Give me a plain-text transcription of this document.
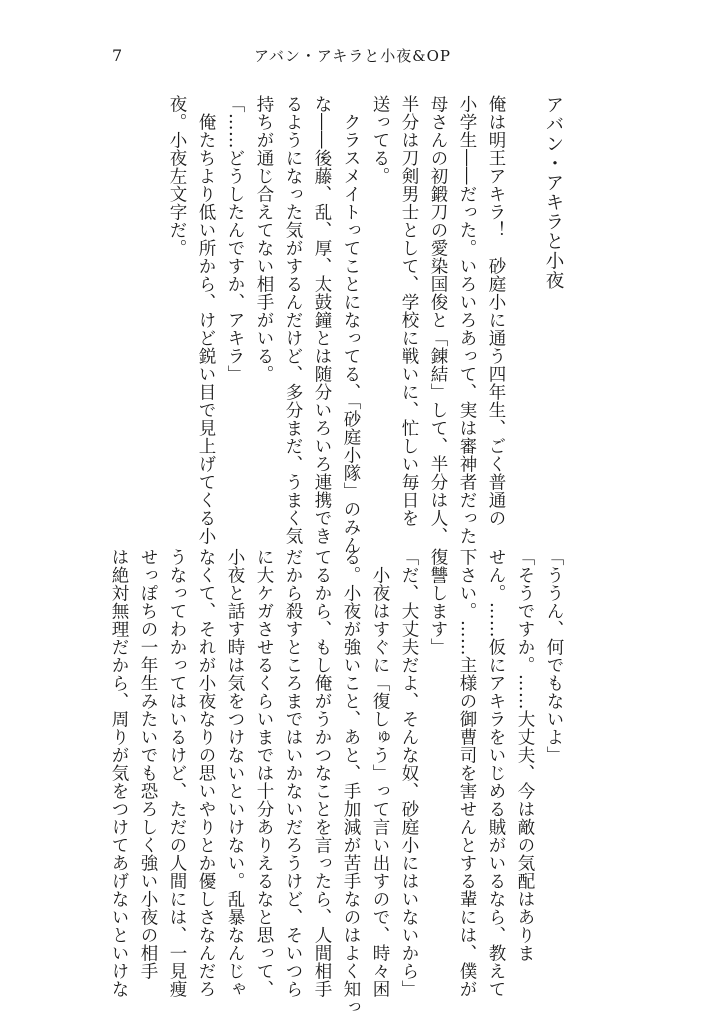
7	アバン・アキラと小夜&OP
アバン・アキラと小夜
俺は明王アキラ！　砂庭小に通う四年生、ごく普通の
小学生――だった。いろいろあって、実は審神者だった
母さんの初鍛刀の愛染国俊と「錬結」して、半分は人、
半分は刀剣男士として、学校に戦いに、忙しい毎日を
送ってる。
　クラスメイトってことになってる、「砂庭小隊」のみん
な――後藤、乱、厚、太鼓鐘とは随分いろいろ連携でき
るようになった気がするんだけど、多分まだ、うまく気
持ちが通じ合えてない相手がいる。
「……どうしたんですか、アキラ」
　俺たちより低い所から、けど鋭い目で見上げてくる小
夜。小夜左文字だ。
「ううん、何でもないよ」
「そうですか。……大丈夫、今は敵の気配はありま
せん。……仮にアキラをいじめる賊がいるなら、教えて
下さい。……主様の御曹司を害せんとする輩には、僕が
復讐します」
「だ、大丈夫だよ、そんな奴、砂庭小にはいないから」
　小夜はすぐに「復しゅう」って言い出すので、時々困
る。小夜が強いこと、あと、手加減が苦手なのはよく知っ
てるから、もし俺がうかつなことを言ったら、人間相手
だから殺すところまではいかないだろうけど、そいつら
に大ケガさせるくらいまでは十分ありえるなと思って、
小夜と話す時は気をつけないといけない。乱暴なんじゃ
なくて、それが小夜なりの思いやりとか優しさなんだろ
うなってわかってはいるけど、ただの人間には、一見痩
せっぽちの一年生みたいでも恐ろしく強い小夜の相手
は絶対無理だから、周りが気をつけてあげないといけな
